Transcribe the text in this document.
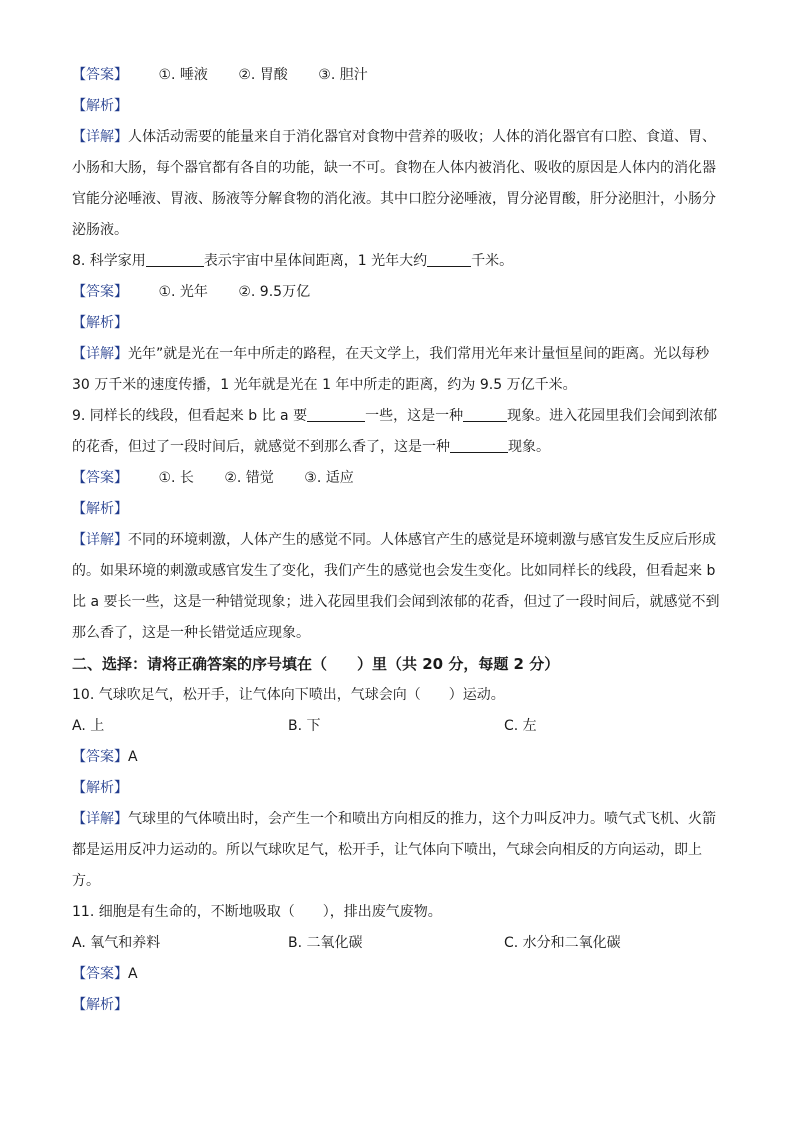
【答案】 ①. 唾液 ②. 胃酸 ③. 胆汁
【解析】
【详解】人体活动需要的能量来自于消化器官对食物中营养的吸收；人体的消化器官有口腔、食道、胃、
小肠和大肠，每个器官都有各自的功能，缺一不可。食物在人体内被消化、吸收的原因是人体内的消化器
官能分泌唾液、胃液、肠液等分解食物的消化液。其中口腔分泌唾液，胃分泌胃酸，肝分泌胆汁，小肠分
泌肠液。
8. 科学家用	表示宇宙中星体间距离，1 光年大约	千米。
【答案】 ①. 光年 ②. 9.5万亿
【解析】
【详解】光年”就是光在一年中所走的路程，在天文学上，我们常用光年来计量恒星间的距离。光以每秒
30 万千米的速度传播，1 光年就是光在 1 年中所走的距离，约为 9.5 万亿千米。
9. 同样长的线段，但看起来 b 比 a 要	一些，这是一种	现象。进入花园里我们会闻到浓郁
的花香，但过了一段时间后，就感觉不到那么香了，这是一种	现象。
【答案】 ①. 长 ②. 错觉 ③. 适应
【解析】
【详解】不同的环境刺激，人体产生的感觉不同。人体感官产生的感觉是环境刺激与感官发生反应后形成
的。如果环境的刺激或感官发生了变化，我们产生的感觉也会发生变化。比如同样长的线段，但看起来 b
比 a 要长一些，这是一种错觉现象；进入花园里我们会闻到浓郁的花香，但过了一段时间后，就感觉不到
那么香了，这是一种长错觉适应现象。
二、选择：请将正确答案的序号填在（　　）里（共 20 分，每题 2 分）
10. 气球吹足气，松开手，让气体向下喷出，气球会向（　　）运动。
A. 上	B. 下	C. 左
【答案】A
【解析】
【详解】气球里的气体喷出时，会产生一个和喷出方向相反的推力，这个力叫反冲力。喷气式飞机、火箭
都是运用反冲力运动的。所以气球吹足气，松开手，让气体向下喷出，气球会向相反的方向运动，即上
方。
11. 细胞是有生命的，不断地吸取（　　），排出废气废物。
A. 氧气和养料	B. 二氧化碳	C. 水分和二氧化碳
【答案】A
【解析】
